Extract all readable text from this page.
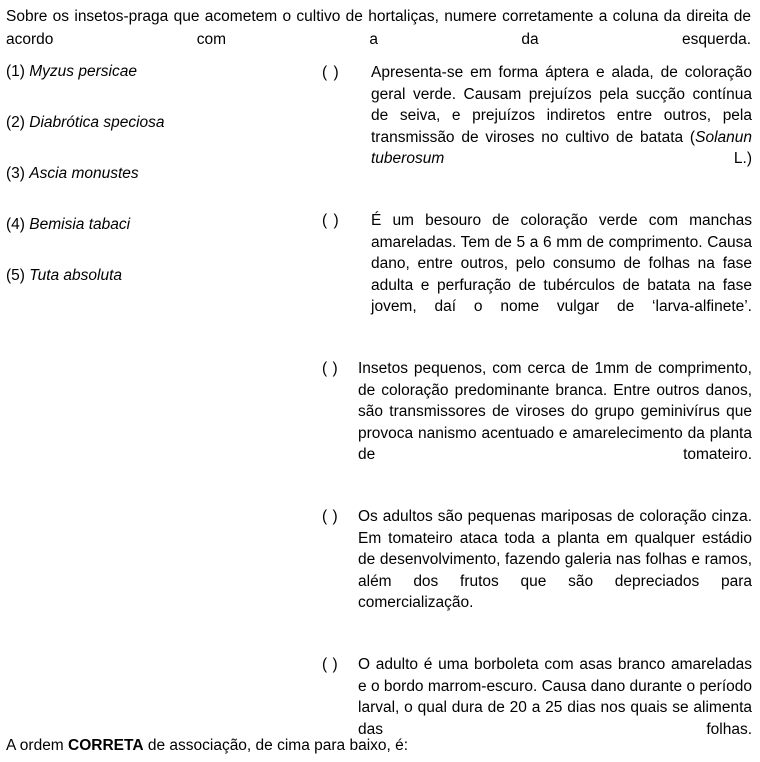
Sobre os insetos-praga que acometem o cultivo de hortaliças, numere corretamente a coluna da direita de acordo com a da esquerda.
(1) Myzus persicae
(2) Diabrótica speciosa
(3) Ascia monustes
(4) Bemisia tabaci
(5) Tuta absoluta
( )	Apresenta-se em forma áptera e alada, de coloração geral verde. Causam prejuízos pela sucção contínua de seiva, e prejuízos indiretos entre outros, pela transmissão de viroses no cultivo de batata (Solanun tuberosum L.)
( )	É um besouro de coloração verde com manchas amareladas. Tem de 5 a 6 mm de comprimento. Causa dano, entre outros, pelo consumo de folhas na fase adulta e perfuração de tubérculos de batata na fase jovem, daí o nome vulgar de ‘larva-alfinete’.
( )	Insetos pequenos, com cerca de 1mm de comprimento, de coloração predominante branca. Entre outros danos, são transmissores de viroses do grupo geminivírus que provoca nanismo acentuado e amarelecimento da planta de tomateiro.
( )	Os adultos são pequenas mariposas de coloração cinza. Em tomateiro ataca toda a planta em qualquer estádio de desenvolvimento, fazendo galeria nas folhas e ramos, além dos frutos que são depreciados para comercialização.
( )	O adulto é uma borboleta com asas branco amareladas e o bordo marrom-escuro. Causa dano durante o período larval, o qual dura de 20 a 25 dias nos quais se alimenta das folhas.
A ordem CORRETA de associação, de cima para baixo, é:
